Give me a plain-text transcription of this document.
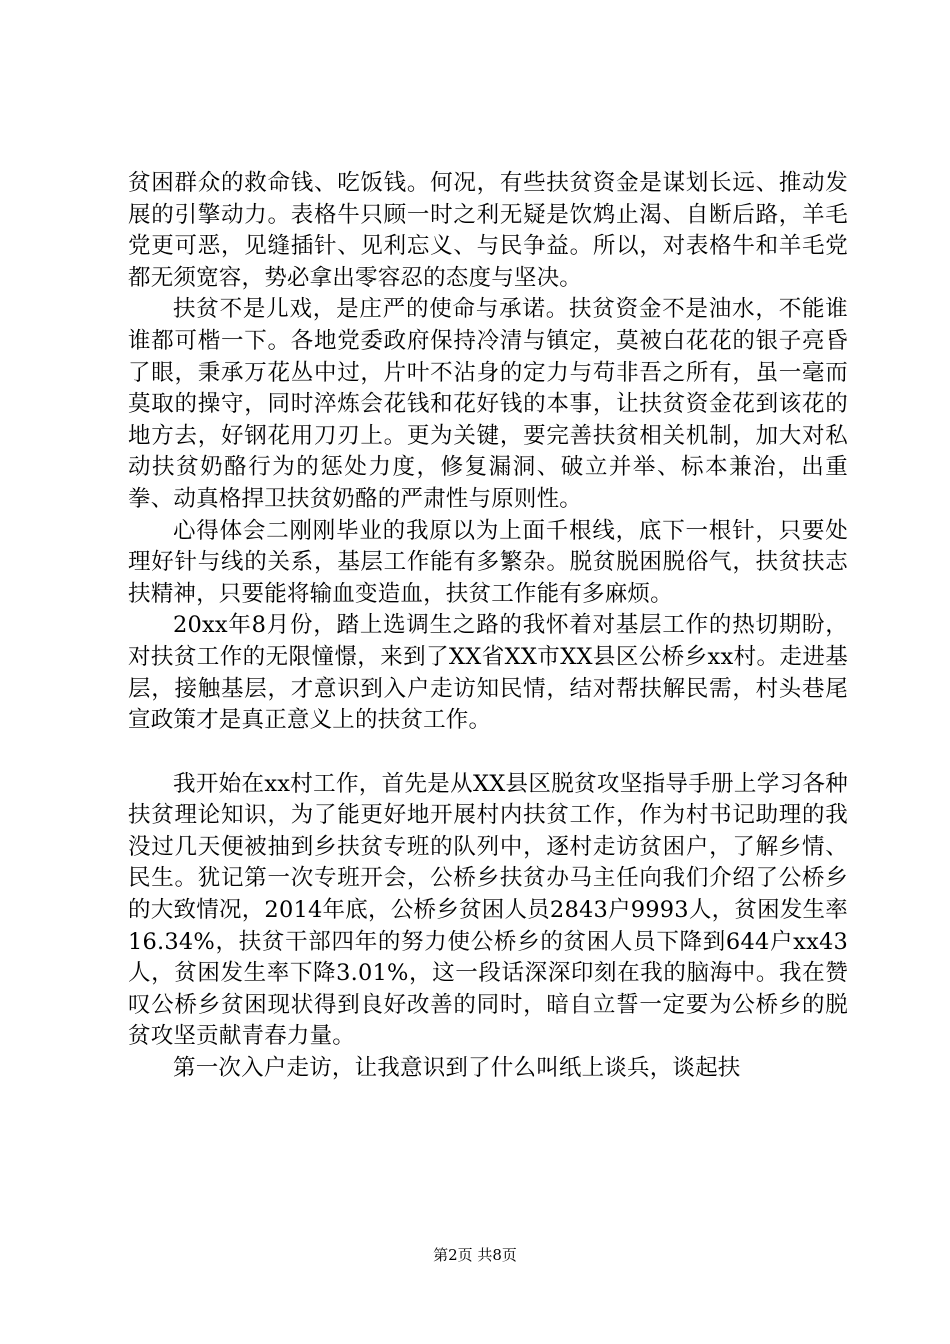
贫困群众的救命钱、吃饭钱。何况，有些扶贫资金是谋划长远、推动发展的引擎动力。表格牛只顾一时之利无疑是饮鸩止渴、自断后路，羊毛党更可恶，见缝插针、见利忘义、与民争益。所以，对表格牛和羊毛党都无须宽容，势必拿出零容忍的态度与坚决。

扶贫不是儿戏，是庄严的使命与承诺。扶贫资金不是油水，不能谁谁都可楷一下。各地党委政府保持冷清与镇定，莫被白花花的银子亮昏了眼，秉承万花丛中过，片叶不沾身的定力与苟非吾之所有，虽一毫而莫取的操守，同时淬炼会花钱和花好钱的本事，让扶贫资金花到该花的地方去，好钢花用刀刃上。更为关键，要完善扶贫相关机制，加大对私动扶贫奶酪行为的惩处力度，修复漏洞、破立并举、标本兼治，出重拳、动真格捍卫扶贫奶酪的严肃性与原则性。

心得体会二刚刚毕业的我原以为上面千根线，底下一根针，只要处理好针与线的关系，基层工作能有多繁杂。脱贫脱困脱俗气，扶贫扶志扶精神，只要能将输血变造血，扶贫工作能有多麻烦。

20xx年8月份，踏上选调生之路的我怀着对基层工作的热切期盼，对扶贫工作的无限憧憬，来到了XX省XX市XX县区公桥乡xx村。走进基层，接触基层，才意识到入户走访知民情，结对帮扶解民需，村头巷尾宣政策才是真正意义上的扶贫工作。

我开始在xx村工作，首先是从XX县区脱贫攻坚指导手册上学习各种扶贫理论知识，为了能更好地开展村内扶贫工作，作为村书记助理的我没过几天便被抽到乡扶贫专班的队列中，逐村走访贫困户，了解乡情、民生。犹记第一次专班开会，公桥乡扶贫办马主任向我们介绍了公桥乡的大致情况，2014年底，公桥乡贫困人员2843户9993人，贫困发生率16.34%，扶贫干部四年的努力使公桥乡的贫困人员下降到644户xx43人，贫困发生率下降3.01%，这一段话深深印刻在我的脑海中。我在赞叹公桥乡贫困现状得到良好改善的同时，暗自立誓一定要为公桥乡的脱贫攻坚贡献青春力量。

第一次入户走访，让我意识到了什么叫纸上谈兵，谈起扶

第2页 共8页
